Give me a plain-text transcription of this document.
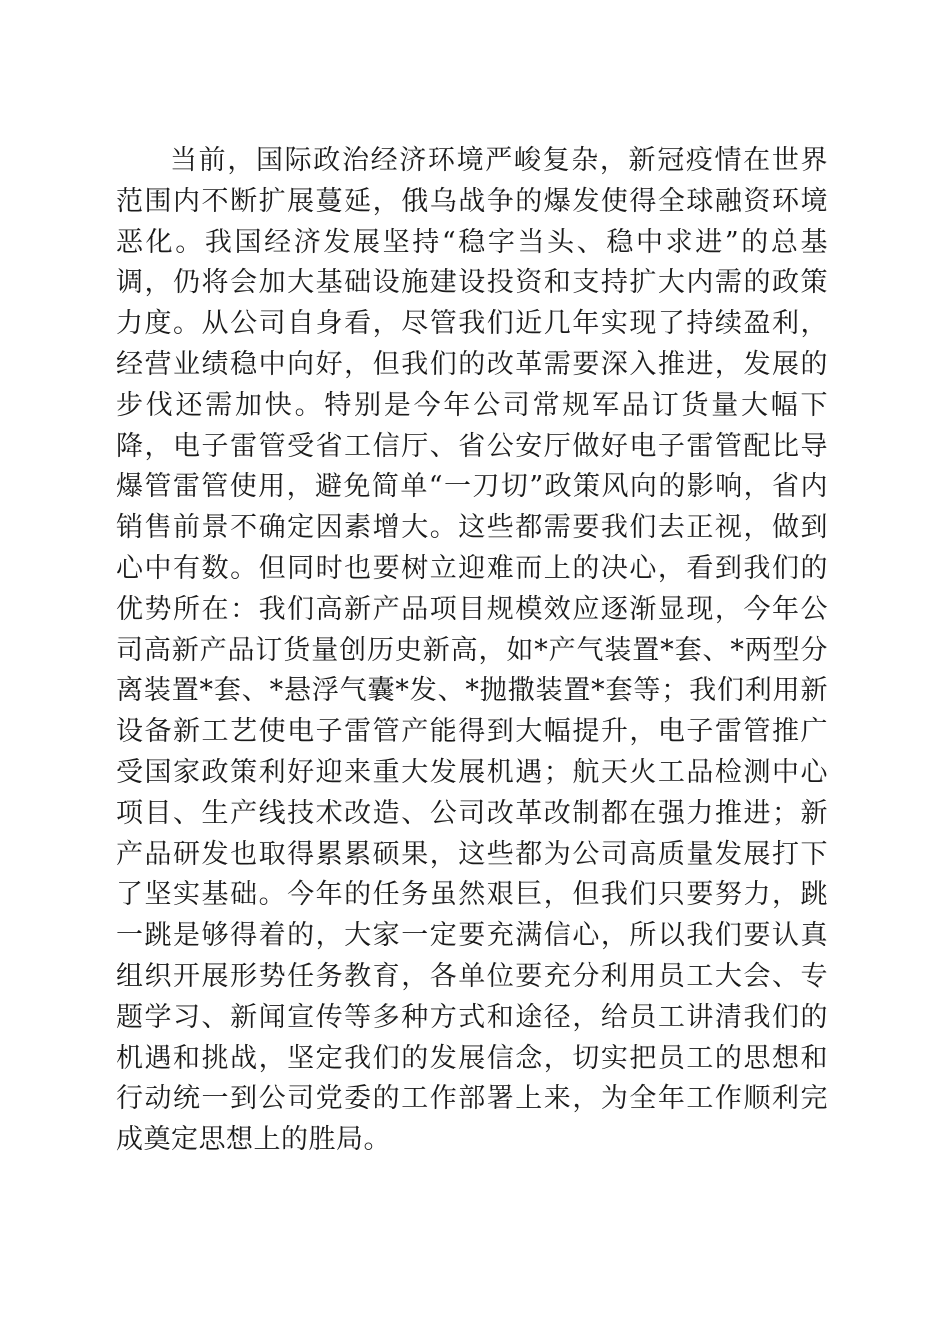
当前，国际政治经济环境严峻复杂，新冠疫情在世界范围内不断扩展蔓延，俄乌战争的爆发使得全球融资环境恶化。我国经济发展坚持“稳字当头、稳中求进”的总基调，仍将会加大基础设施建设投资和支持扩大内需的政策力度。从公司自身看，尽管我们近几年实现了持续盈利，经营业绩稳中向好，但我们的改革需要深入推进，发展的步伐还需加快。特别是今年公司常规军品订货量大幅下降，电子雷管受省工信厅、省公安厅做好电子雷管配比导爆管雷管使用，避免简单“一刀切”政策风向的影响，省内销售前景不确定因素增大。这些都需要我们去正视，做到心中有数。但同时也要树立迎难而上的决心，看到我们的优势所在：我们高新产品项目规模效应逐渐显现，今年公司高新产品订货量创历史新高，如*产气装置*套、*两型分离装置*套、*悬浮气囊*发、*抛撒装置*套等；我们利用新设备新工艺使电子雷管产能得到大幅提升，电子雷管推广受国家政策利好迎来重大发展机遇；航天火工品检测中心项目、生产线技术改造、公司改革改制都在强力推进；新产品研发也取得累累硕果，这些都为公司高质量发展打下了坚实基础。今年的任务虽然艰巨，但我们只要努力，跳一跳是够得着的，大家一定要充满信心，所以我们要认真组织开展形势任务教育，各单位要充分利用员工大会、专题学习、新闻宣传等多种方式和途径，给员工讲清我们的机遇和挑战，坚定我们的发展信念，切实把员工的思想和行动统一到公司党委的工作部署上来，为全年工作顺利完成奠定思想上的胜局。
